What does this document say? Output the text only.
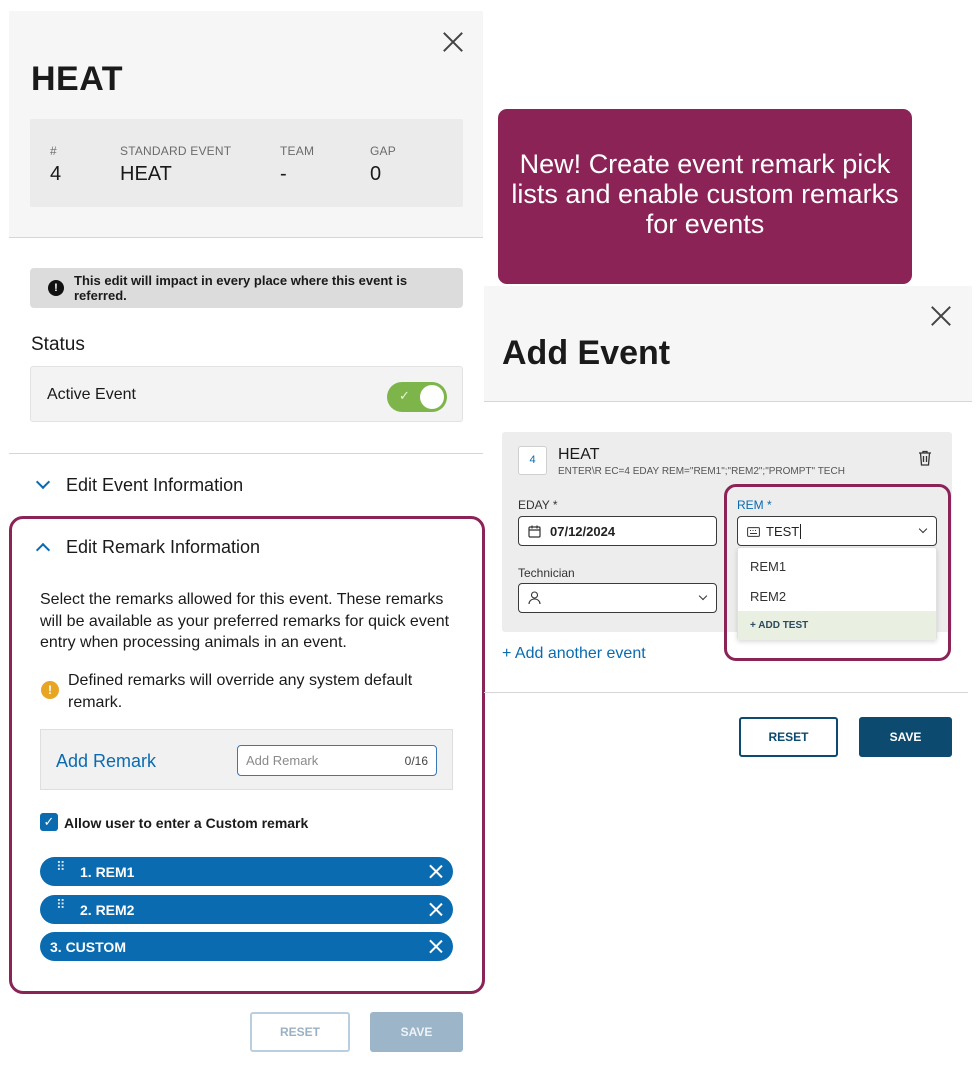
HEAT
#
4
STANDARD EVENT
HEAT
TEAM
-
GAP
0
!	This edit will impact in every place where this event is referred.
Status
Active Event	✓
Edit Event Information
Edit Remark Information
Select the remarks allowed for this event. These remarks will be available as your preferred remarks for quick event entry when processing animals in an event.
!
Defined remarks will override any system default remark.
Add Remark	Add Remark	0/16
✓ Allow user to enter a Custom remark
⠿ 1. REM1
⠿ 2. REM2
3. CUSTOM
RESET	SAVE
New! Create event remark pick lists and enable custom remarks for events
Add Event
4	HEAT
ENTER\R EC=4 EDAY REM="REM1";"REM2";"PROMPT" TECH
EDAY *
07/12/2024
Technician
REM *
TEST
REM1
REM2
+ ADD TEST
+ Add another event
RESET	SAVE
